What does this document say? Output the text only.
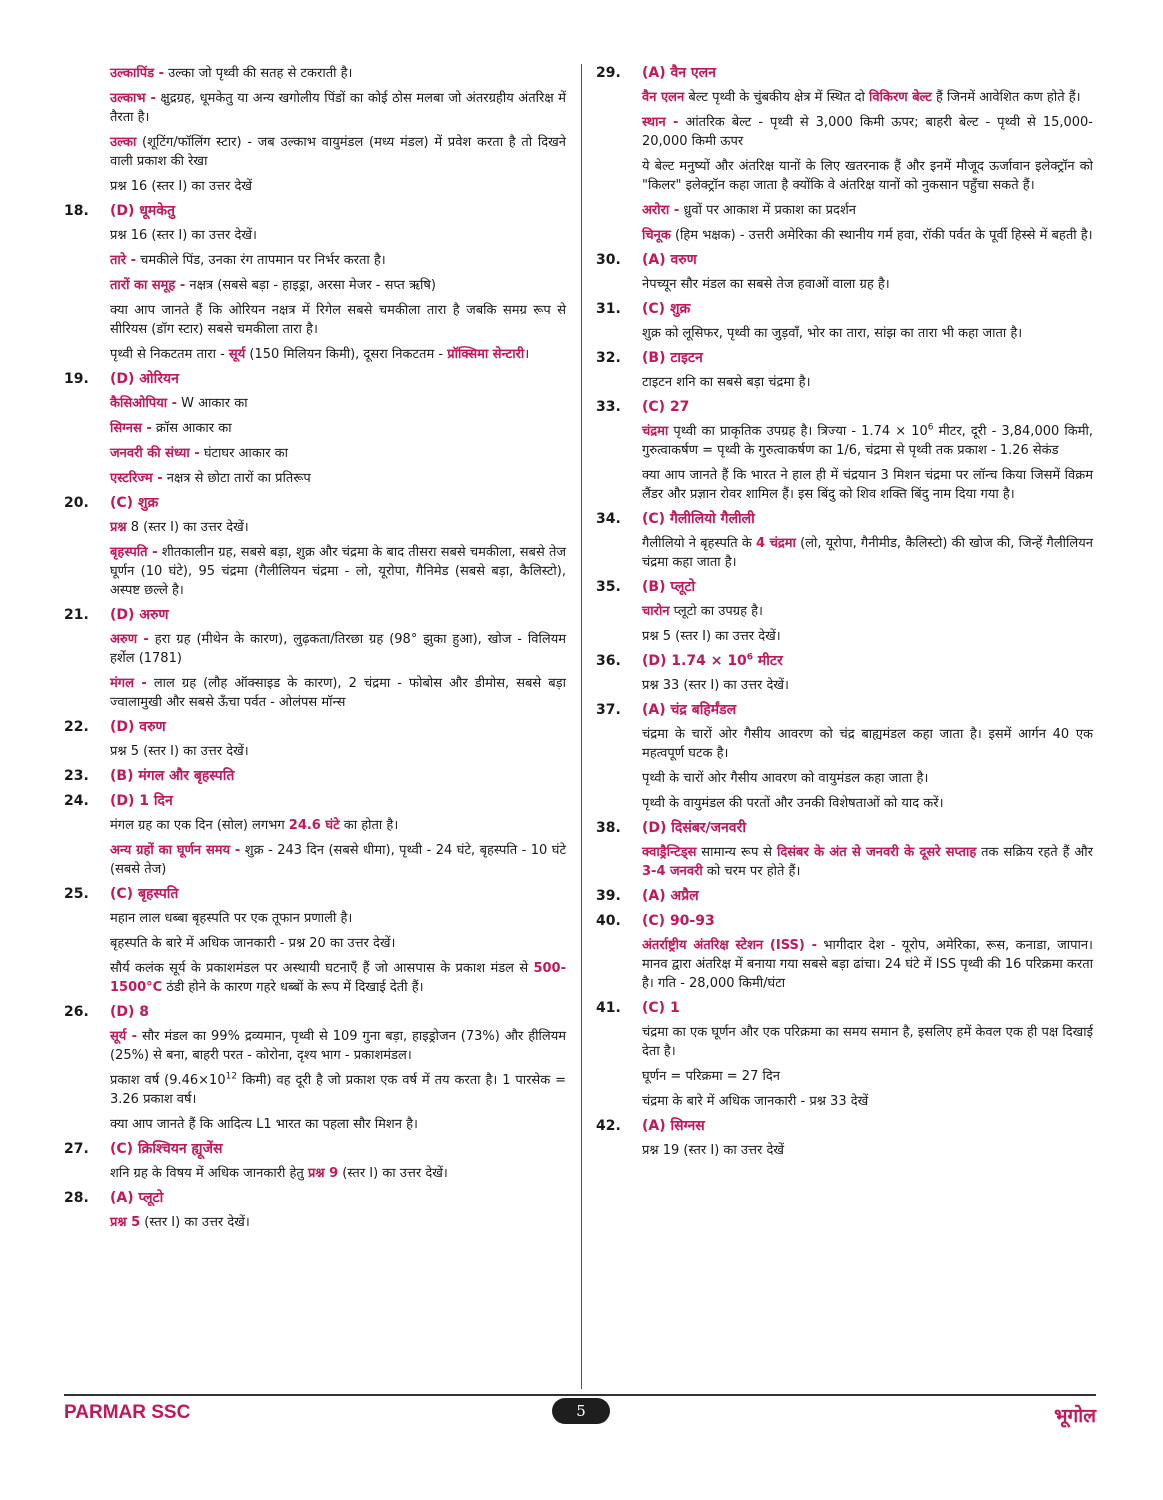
उल्कापिंड - उल्का जो पृथ्वी की सतह से टकराती है।
उल्काभ - क्षुद्रग्रह, धूमकेतु या अन्य खगोलीय पिंडों का कोई ठोस मलबा जो अंतरग्रहीय अंतरिक्ष में तैरता है।
उल्का (शूटिंग/फॉलिंग स्टार) - जब उल्काभ वायुमंडल (मध्य मंडल) में प्रवेश करता है तो दिखने वाली प्रकाश की रेखा
प्रश्न 16 (स्तर I) का उत्तर देखें
18.	(D) धूमकेतु
प्रश्न 16 (स्तर I) का उत्तर देखें।
तारे - चमकीले पिंड, उनका रंग तापमान पर निर्भर करता है।
तारों का समूह - नक्षत्र (सबसे बड़ा - हाइड्रा, अरसा मेजर - सप्त ऋषि)
क्या आप जानते हैं कि ओरियन नक्षत्र में रिगेल सबसे चमकीला तारा है जबकि समग्र रूप से सीरियस (डॉग स्टार) सबसे चमकीला तारा है।
पृथ्वी से निकटतम तारा - सूर्य (150 मिलियन किमी), दूसरा निकटतम - प्रॉक्सिमा सेन्टारी।
19.	(D) ओरियन
कैसिओपिया - W आकार का
सिग्नस - क्रॉस आकार का
जनवरी की संध्या - घंटाघर आकार का
एस्टरिज्म - नक्षत्र से छोटा तारों का प्रतिरूप
20.	(C) शुक्र
प्रश्न 8 (स्तर I) का उत्तर देखें।
बृहस्पति - शीतकालीन ग्रह, सबसे बड़ा, शुक्र और चंद्रमा के बाद तीसरा सबसे चमकीला, सबसे तेज घूर्णन (10 घंटे), 95 चंद्रमा (गैलीलियन चंद्रमा - लो, यूरोपा, गैनिमेड (सबसे बड़ा, कैलिस्टो), अस्पष्ट छल्ले है।
21.	(D) अरुण
अरुण - हरा ग्रह (मीथेन के कारण), लुढ़कता/तिरछा ग्रह (98° झुका हुआ), खोज - विलियम हर्शेल (1781)
मंगल - लाल ग्रह (लौह ऑक्साइड के कारण), 2 चंद्रमा - फोबोस और डीमोस, सबसे बड़ा ज्वालामुखी और सबसे ऊँचा पर्वत - ओलंपस मॉन्स
22.	(D) वरुण
प्रश्न 5 (स्तर I) का उत्तर देखें।
23.	(B) मंगल और बृहस्पति
24.	(D) 1 दिन
मंगल ग्रह का एक दिन (सोल) लगभग 24.6 घंटे का होता है।
अन्य ग्रहों का घूर्णन समय - शुक्र - 243 दिन (सबसे धीमा), पृथ्वी - 24 घंटे, बृहस्पति - 10 घंटे (सबसे तेज)
25.	(C) बृहस्पति
महान लाल धब्बा बृहस्पति पर एक तूफान प्रणाली है।
बृहस्पति के बारे में अधिक जानकारी - प्रश्न 20 का उत्तर देखें।
सौर्य कलंक सूर्य के प्रकाशमंडल पर अस्थायी घटनाएँ हैं जो आसपास के प्रकाश मंडल से 500-1500°C ठंडी होने के कारण गहरे धब्बों के रूप में दिखाई देती हैं।
26.	(D) 8
सूर्य - सौर मंडल का 99% द्रव्यमान, पृथ्वी से 109 गुना बड़ा, हाइड्रोजन (73%) और हीलियम (25%) से बना, बाहरी परत - कोरोना, दृश्य भाग - प्रकाशमंडल।
प्रकाश वर्ष ($9.46\times 10^{12}$ किमी) वह दूरी है जो प्रकाश एक वर्ष में तय करता है। 1 पारसेक = 3.26 प्रकाश वर्ष।
क्या आप जानते हैं कि आदित्य L1 भारत का पहला सौर मिशन है।
27.	(C) क्रिश्चियन ह्यूजेंस
शनि ग्रह के विषय में अधिक जानकारी हेतु प्रश्न 9 (स्तर I) का उत्तर देखें।
28.	(A) प्लूटो
प्रश्न 5 (स्तर I) का उत्तर देखें।
29.	(A) वैन एलन
वैन एलन बेल्ट पृथ्वी के चुंबकीय क्षेत्र में स्थित दो विकिरण बेल्ट हैं जिनमें आवेशित कण होते हैं।
स्थान - आंतरिक बेल्ट - पृथ्वी से 3,000 किमी ऊपर; बाहरी बेल्ट - पृथ्वी से 15,000-20,000 किमी ऊपर
ये बेल्ट मनुष्यों और अंतरिक्ष यानों के लिए खतरनाक हैं और इनमें मौजूद ऊर्जावान इलेक्ट्रॉन को "किलर" इलेक्ट्रॉन कहा जाता है क्योंकि वे अंतरिक्ष यानों को नुकसान पहुँचा सकते हैं।
अरोरा - ध्रुवों पर आकाश में प्रकाश का प्रदर्शन
चिनूक (हिम भक्षक) - उत्तरी अमेरिका की स्थानीय गर्म हवा, रॉकी पर्वत के पूर्वी हिस्से में बहती है।
30.	(A) वरुण
नेपच्यून सौर मंडल का सबसे तेज हवाओं वाला ग्रह है।
31.	(C) शुक्र
शुक्र को लूसिफर, पृथ्वी का जुड़वाँ, भोर का तारा, सांझ का तारा भी कहा जाता है।
32.	(B) टाइटन
टाइटन शनि का सबसे बड़ा चंद्रमा है।
33.	(C) 27
चंद्रमा पृथ्वी का प्राकृतिक उपग्रह है। त्रिज्या - $1.74 \times 10^6$ मीटर, दूरी - 3,84,000 किमी, गुरुत्वाकर्षण = पृथ्वी के गुरुत्वाकर्षण का 1/6, चंद्रमा से पृथ्वी तक प्रकाश - 1.26 सेकंड
क्या आप जानते हैं कि भारत ने हाल ही में चंद्रयान 3 मिशन चंद्रमा पर लॉन्च किया जिसमें विक्रम लैंडर और प्रज्ञान रोवर शामिल हैं। इस बिंदु को शिव शक्ति बिंदु नाम दिया गया है।
34.	(C) गैलीलियो गैलीली
गैलीलियो ने बृहस्पति के 4 चंद्रमा (लो, यूरोपा, गैनीमीड, कैलिस्टो) की खोज की, जिन्हें गैलीलियन चंद्रमा कहा जाता है।
35.	(B) प्लूटो
चारोन प्लूटो का उपग्रह है।
प्रश्न 5 (स्तर I) का उत्तर देखें।
36.	(D) $1.74 \times 10^6$ मीटर
प्रश्न 33 (स्तर I) का उत्तर देखें।
37.	(A) चंद्र बहिर्मंडल
चंद्रमा के चारों ओर गैसीय आवरण को चंद्र बाह्यमंडल कहा जाता है। इसमें आर्गन 40 एक महत्वपूर्ण घटक है।
पृथ्वी के चारों ओर गैसीय आवरण को वायुमंडल कहा जाता है।
पृथ्वी के वायुमंडल की परतों और उनकी विशेषताओं को याद करें।
38.	(D) दिसंबर/जनवरी
क्वाड्रैन्टिड्स सामान्य रूप से दिसंबर के अंत से जनवरी के दूसरे सप्ताह तक सक्रिय रहते हैं और 3-4 जनवरी को चरम पर होते हैं।
39.	(A) अप्रैल
40.	(C) 90-93
अंतर्राष्ट्रीय अंतरिक्ष स्टेशन (ISS) - भागीदार देश - यूरोप, अमेरिका, रूस, कनाडा, जापान। मानव द्वारा अंतरिक्ष में बनाया गया सबसे बड़ा ढांचा। 24 घंटे में ISS पृथ्वी की 16 परिक्रमा करता है। गति - 28,000 किमी/घंटा
41.	(C) 1
चंद्रमा का एक घूर्णन और एक परिक्रमा का समय समान है, इसलिए हमें केवल एक ही पक्ष दिखाई देता है।
घूर्णन = परिक्रमा = 27 दिन
चंद्रमा के बारे में अधिक जानकारी - प्रश्न 33 देखें
42.	(A) सिग्नस
प्रश्न 19 (स्तर I) का उत्तर देखें
PARMAR SSC	5	भूगोल
